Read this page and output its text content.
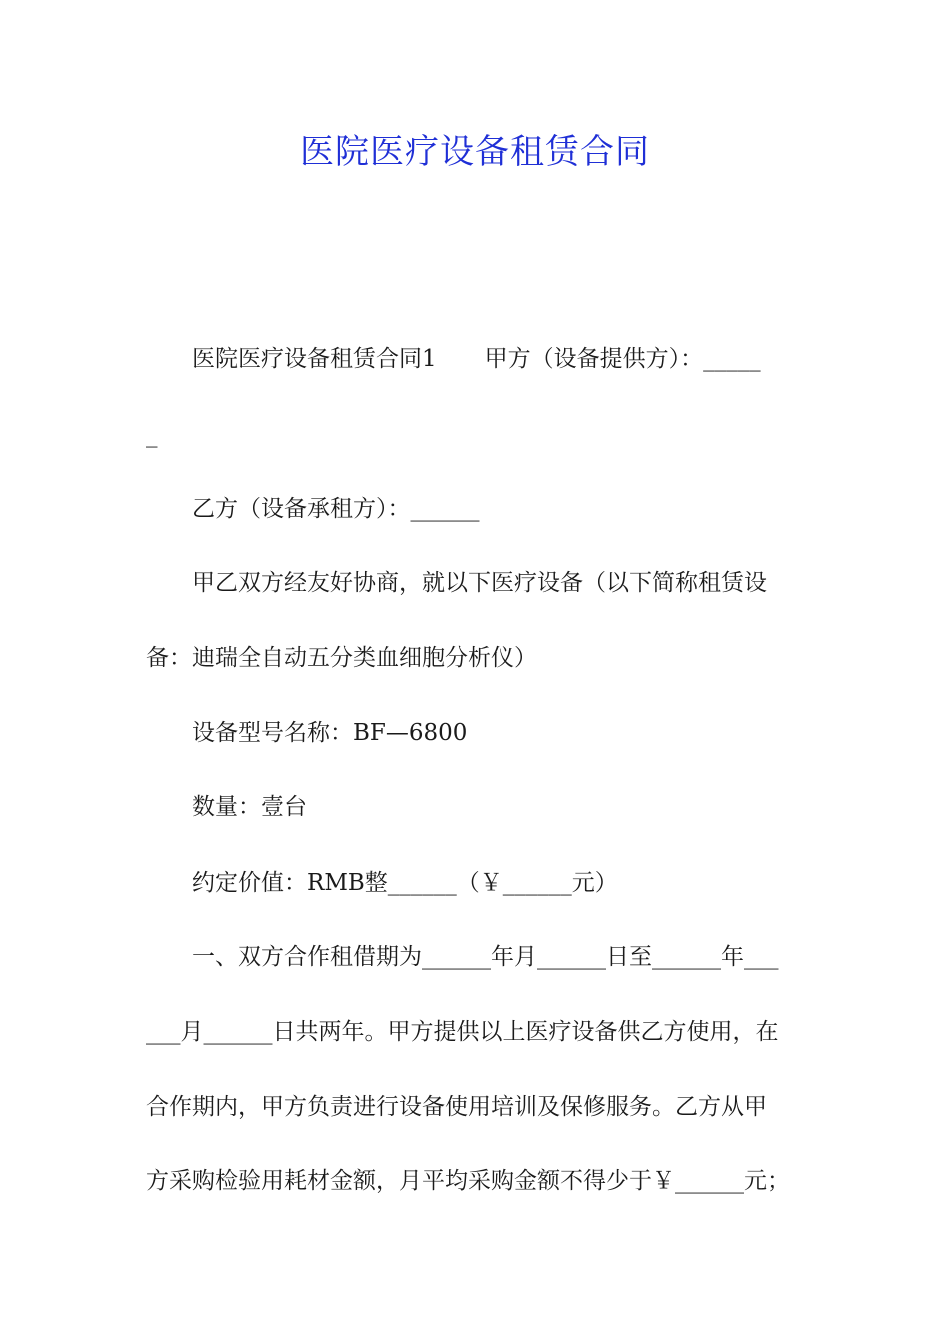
医院医疗设备租赁合同
医院医疗设备租赁合同1 甲方（设备提供方）：_____
_
乙方（设备承租方）：______
甲乙双方经友好协商，就以下医疗设备（以下简称租赁设
备：迪瑞全自动五分类血细胞分析仪）
设备型号名称：BF—6800
数量：壹台
约定价值：RMB整______（￥______元）
一、双方合作租借期为______年月______日至______年___
___月______日共两年。甲方提供以上医疗设备供乙方使用，在
合作期内，甲方负责进行设备使用培训及保修服务。乙方从甲
方采购检验用耗材金额，月平均采购金额不得少于￥______元；
